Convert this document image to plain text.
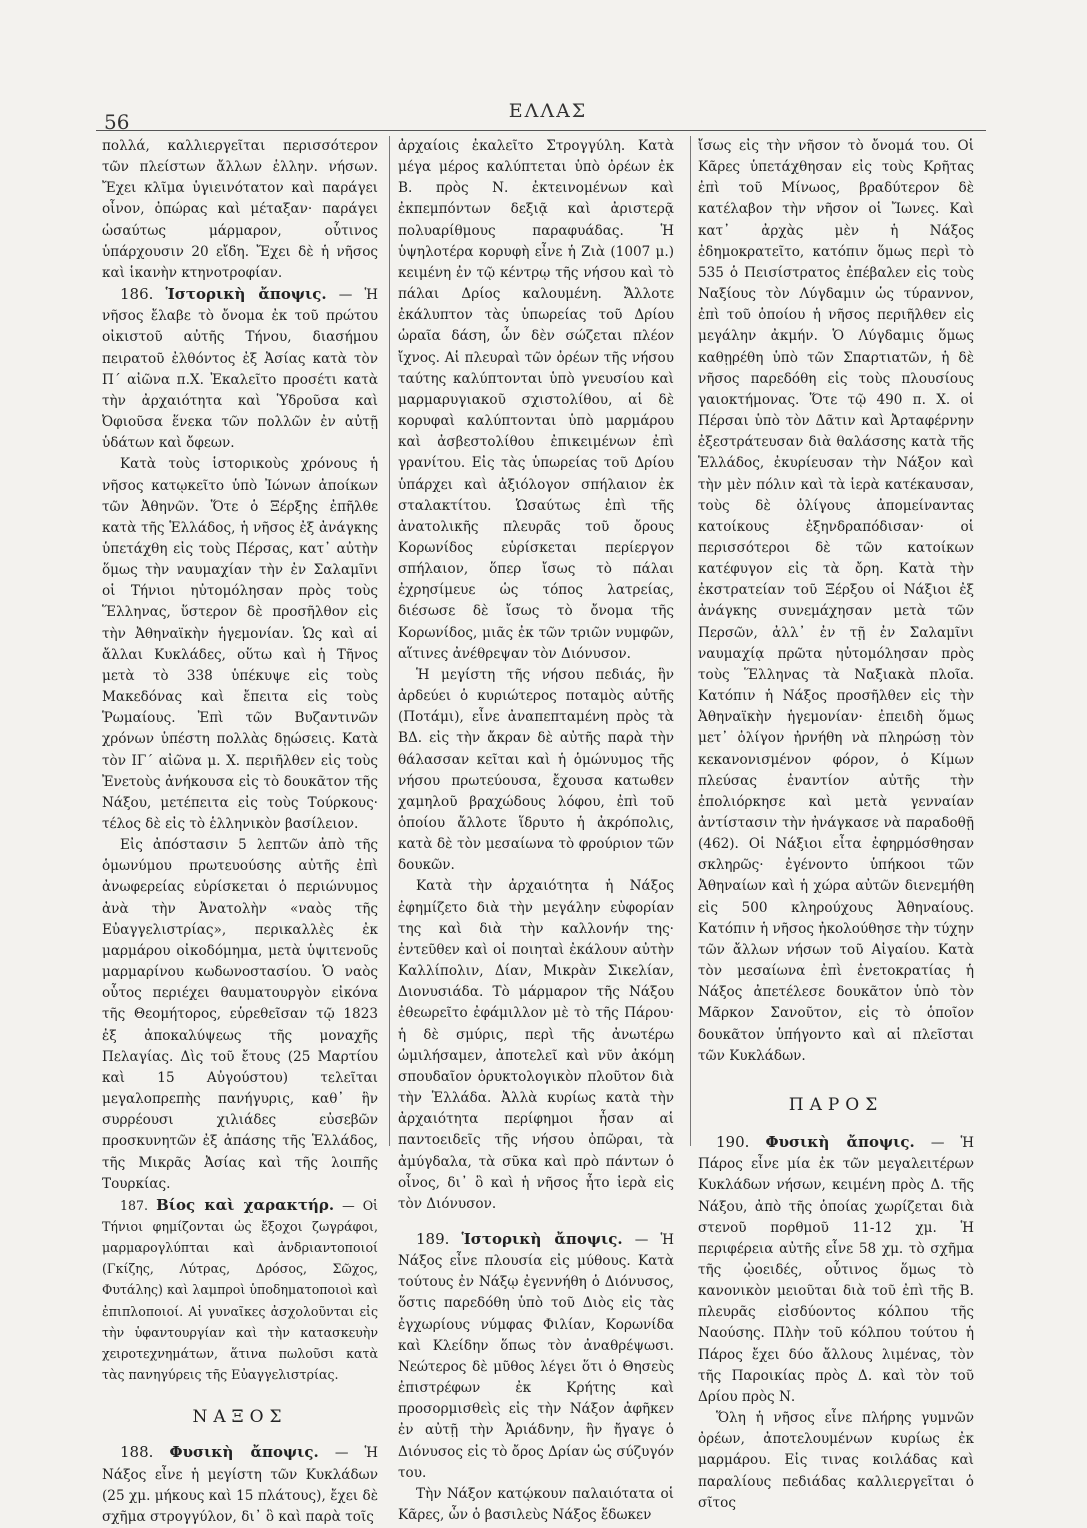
56	ΕΛΛΑΣ

πολλά, καλλιεργεῖται περισσότερον τῶν πλείστων ἄλλων ἑλλην. νήσων. Ἔχει κλῖμα ὑγιεινότατον καὶ παράγει οἶνον, ὀπώρας καὶ μέταξαν· παράγει ὡσαύτως μάρμαρον, οὗτινος ὑπάρχουσιν 20 εἴδη. Ἔχει δὲ ἡ νῆσος καὶ ἱκανὴν κτηνοτροφίαν.

186. Ἱστορικὴ ἄποψις. — Ἡ νῆσος ἔλαβε τὸ ὄνομα ἐκ τοῦ πρώτου οἰκιστοῦ αὐτῆς Τήνου, διασήμου πειρατοῦ ἐλθόντος ἐξ Ἀσίας κατὰ τὸν Π΄ αἰῶνα π.Χ. Ἐκαλεῖτο προσέτι κατὰ τὴν ἀρχαιότητα καὶ Ὑδροῦσα καὶ Ὀφιοῦσα ἕνεκα τῶν πολλῶν ἐν αὐτῇ ὑδάτων καὶ ὄφεων.

Κατὰ τοὺς ἱστορικοὺς χρόνους ἡ νῆσος κατῳκεῖτο ὑπὸ Ἰώνων ἀποίκων τῶν Ἀθηνῶν. Ὅτε ὁ Ξέρξης ἐπῆλθε κατὰ τῆς Ἑλλάδος, ἡ νῆσος ἐξ ἀνάγκης ὑπετάχθη εἰς τοὺς Πέρσας, κατ᾽ αὐτὴν ὅμως τὴν ναυμαχίαν τὴν ἐν Σαλαμῖνι οἱ Τήνιοι ηὐτομόλησαν πρὸς τοὺς Ἕλληνας, ὕστερον δὲ προσῆλθον εἰς τὴν Ἀθηναϊκὴν ἡγεμονίαν. Ὡς καὶ αἱ ἄλλαι Κυκλάδες, οὕτω καὶ ἡ Τῆνος μετὰ τὸ 338 ὑπέκυψε εἰς τοὺς Μακεδόνας καὶ ἔπειτα εἰς τοὺς Ῥωμαίους. Ἐπὶ τῶν Βυζαντινῶν χρόνων ὑπέστη πολλὰς δῃώσεις. Κατὰ τὸν ΙΓ΄ αἰῶνα μ. Χ. περιῆλθεν εἰς τοὺς Ἐνετοὺς ἀνήκουσα εἰς τὸ δουκᾶτον τῆς Νάξου, μετέπειτα εἰς τοὺς Τούρκους· τέλος δὲ εἰς τὸ ἑλληνικὸν βασίλειον.

Εἰς ἀπόστασιν 5 λεπτῶν ἀπὸ τῆς ὁμωνύμου πρωτευούσης αὐτῆς ἐπὶ ἀνωφερείας εὑρίσκεται ὁ περιώνυμος ἀνὰ τὴν Ἀνατολὴν «ναὸς τῆς Εὐαγγελιστρίας», περικαλλὲς ἐκ μαρμάρου οἰκοδόμημα, μετὰ ὑψιτενοῦς μαρμαρίνου κωδωνοστασίου. Ὁ ναὸς οὗτος περιέχει θαυματουργὸν εἰκόνα τῆς Θεομήτορος, εὑρεθεῖσαν τῷ 1823 ἐξ ἀποκαλύψεως τῆς μοναχῆς Πελαγίας. Δὶς τοῦ ἔτους (25 Μαρτίου καὶ 15 Αὐγούστου) τελεῖται μεγαλοπρεπὴς πανήγυρις, καθ᾽ ἣν συρρέουσι χιλιάδες εὐσεβῶν προσκυνητῶν ἐξ ἁπάσης τῆς Ἑλλάδος, τῆς Μικρᾶς Ἀσίας καὶ τῆς λοιπῆς Τουρκίας.

187. Βίος καὶ χαρακτήρ. — Οἱ Τήνιοι φημίζονται ὡς ἔξοχοι ζωγράφοι, μαρμαρογλύπται καὶ ἀνδριαντοποιοί (Γκίζης, Λύτρας, Δρόσος, Σῶχος, Φυτάλης) καὶ λαμπροὶ ὑποδηματοποιοὶ καὶ ἐπιπλοποιοί. Αἱ γυναῖκες ἀσχολοῦνται εἰς τὴν ὑφαντουργίαν καὶ τὴν κατασκευὴν χειροτεχνημάτων, ἅτινα πωλοῦσι κατὰ τὰς πανηγύρεις τῆς Εὐαγγελιστρίας.

ΝΑΞΟΣ

188. Φυσικὴ ἄποψις. — Ἡ Νάξος εἶνε ἡ μεγίστη τῶν Κυκλάδων (25 χμ. μήκους καὶ 15 πλάτους), ἔχει δὲ σχῆμα στρογγύλον, δι᾽ ὃ καὶ παρὰ τοῖς

ἀρχαίοις ἐκαλεῖτο Στρογγύλη. Κατὰ μέγα μέρος καλύπτεται ὑπὸ ὀρέων ἐκ Β. πρὸς Ν. ἐκτεινομένων καὶ ἐκπεμπόντων δεξιᾷ καὶ ἀριστερᾷ πολυαρίθμους παραφυάδας. Ἡ ὑψηλοτέρα κορυφὴ εἶνε ἡ Ζιὰ (1007 μ.) κειμένη ἐν τῷ κέντρῳ τῆς νήσου καὶ τὸ πάλαι Δρίος καλουμένη. Ἄλλοτε ἐκάλυπτον τὰς ὑπωρείας τοῦ Δρίου ὡραῖα δάση, ὧν δὲν σώζεται πλέον ἴχνος. Αἱ πλευραὶ τῶν ὀρέων τῆς νήσου ταύτης καλύπτονται ὑπὸ γνευσίου καὶ μαρμαρυγιακοῦ σχιστολίθου, αἱ δὲ κορυφαὶ καλύπτονται ὑπὸ μαρμάρου καὶ ἀσβεστολίθου ἐπικειμένων ἐπὶ γρανίτου. Εἰς τὰς ὑπωρείας τοῦ Δρίου ὑπάρχει καὶ ἀξιόλογον σπήλαιον ἐκ σταλακτίτου. Ὡσαύτως ἐπὶ τῆς ἀνατολικῆς πλευρᾶς τοῦ ὄρους Κορωνίδος εὑρίσκεται περίεργον σπήλαιον, ὅπερ ἴσως τὸ πάλαι ἐχρησίμευε ὡς τόπος λατρείας, διέσωσε δὲ ἴσως τὸ ὄνομα τῆς Κορωνίδος, μιᾶς ἐκ τῶν τριῶν νυμφῶν, αἵτινες ἀνέθρεψαν τὸν Διόνυσον.

Ἡ μεγίστη τῆς νήσου πεδιάς, ἣν ἀρδεύει ὁ κυριώτερος ποταμὸς αὐτῆς (Ποτάμι), εἶνε ἀναπεπταμένη πρὸς τὰ ΒΔ. εἰς τὴν ἄκραν δὲ αὐτῆς παρὰ τὴν θάλασσαν κεῖται καὶ ἡ ὁμώνυμος τῆς νήσου πρωτεύουσα, ἔχουσα κατωθεν χαμηλοῦ βραχώδους λόφου, ἐπὶ τοῦ ὁποίου ἄλλοτε ἵδρυτο ἡ ἀκρόπολις, κατὰ δὲ τὸν μεσαίωνα τὸ φρούριον τῶν δουκῶν.

Κατὰ τὴν ἀρχαιότητα ἡ Νάξος ἐφημίζετο διὰ τὴν μεγάλην εὐφορίαν της καὶ διὰ τὴν καλλονήν της· ἐντεῦθεν καὶ οἱ ποιηταὶ ἐκάλουν αὐτὴν Καλλίπολιν, Δίαν, Μικρὰν Σικελίαν, Διονυσιάδα. Τὸ μάρμαρον τῆς Νάξου ἐθεωρεῖτο ἐφάμιλλον μὲ τὸ τῆς Πάρου· ἡ δὲ σμύρις, περὶ τῆς ἀνωτέρω ὡμιλήσαμεν, ἀποτελεῖ καὶ νῦν ἀκόμη σπουδαῖον ὀρυκτολογικὸν πλοῦτον διὰ τὴν Ἑλλάδα. Ἀλλὰ κυρίως κατὰ τὴν ἀρχαιότητα περίφημοι ἦσαν αἱ παντοειδεῖς τῆς νήσου ὀπῶραι, τὰ ἀμύγδαλα, τὰ σῦκα καὶ πρὸ πάντων ὁ οἶνος, δι᾽ ὃ καὶ ἡ νῆσος ἦτο ἱερὰ εἰς τὸν Διόνυσον.

189. Ἱστορικὴ ἄποψις. — Ἡ Νάξος εἶνε πλουσία εἰς μύθους. Κατὰ τούτους ἐν Νάξῳ ἐγεννήθη ὁ Διόνυσος, ὅστις παρεδόθη ὑπὸ τοῦ Διὸς εἰς τὰς ἐγχωρίους νύμφας Φιλίαν, Κορωνίδα καὶ Κλείδην ὅπως τὸν ἀναθρέψωσι. Νεώτερος δὲ μῦθος λέγει ὅτι ὁ Θησεὺς ἐπιστρέφων ἐκ Κρήτης καὶ προσορμισθεὶς εἰς τὴν Νάξον ἀφῆκεν ἐν αὐτῇ τὴν Ἀριάδνην, ἣν ἤγαγε ὁ Διόνυσος εἰς τὸ ὄρος Δρίαν ὡς σύζυγόν του.

Τὴν Νάξον κατῴκουν παλαιότατα οἱ Κᾶρες, ὧν ὁ βασιλεὺς Νάξος ἔδωκεν

ἴσως εἰς τὴν νῆσον τὸ ὄνομά του. Οἱ Κᾶρες ὑπετάχθησαν εἰς τοὺς Κρῆτας ἐπὶ τοῦ Μίνωος, βραδύτερον δὲ κατέλαβον τὴν νῆσον οἱ Ἴωνες. Καὶ κατ᾽ ἀρχὰς μὲν ἡ Νάξος ἐδημοκρατεῖτο, κατόπιν ὅμως περὶ τὸ 535 ὁ Πεισίστρατος ἐπέβαλεν εἰς τοὺς Ναξίους τὸν Λύγδαμιν ὡς τύραννον, ἐπὶ τοῦ ὁποίου ἡ νῆσος περιῆλθεν εἰς μεγάλην ἀκμήν. Ὁ Λύγδαμις ὅμως καθῃρέθη ὑπὸ τῶν Σπαρτιατῶν, ἡ δὲ νῆσος παρεδόθη εἰς τοὺς πλουσίους γαιοκτήμονας. Ὅτε τῷ 490 π. Χ. οἱ Πέρσαι ὑπὸ τὸν Δᾶτιν καὶ Ἀρταφέρνην ἐξεστράτευσαν διὰ θαλάσσης κατὰ τῆς Ἑλλάδος, ἐκυρίευσαν τὴν Νάξον καὶ τὴν μὲν πόλιν καὶ τὰ ἱερὰ κατέκαυσαν, τοὺς δὲ ὀλίγους ἀπομείναντας κατοίκους ἐξηνδραπόδισαν· οἱ περισσότεροι δὲ τῶν κατοίκων κατέφυγον εἰς τὰ ὄρη. Κατὰ τὴν ἐκστρατείαν τοῦ Ξέρξου οἱ Νάξιοι ἐξ ἀνάγκης συνεμάχησαν μετὰ τῶν Περσῶν, ἀλλ᾽ ἐν τῇ ἐν Σαλαμῖνι ναυμαχίᾳ πρῶτα ηὐτομόλησαν πρὸς τοὺς Ἕλληνας τὰ Ναξιακὰ πλοῖα. Κατόπιν ἡ Νάξος προσῆλθεν εἰς τὴν Ἀθηναϊκὴν ἡγεμονίαν· ἐπειδὴ ὅμως μετ᾽ ὀλίγον ἠρνήθη νὰ πληρώσῃ τὸν κεκανονισμένον φόρον, ὁ Κίμων πλεύσας ἐναντίον αὐτῆς τὴν ἐπολιόρκησε καὶ μετὰ γενναίαν ἀντίστασιν τὴν ἠνάγκασε νὰ παραδοθῇ (462). Οἱ Νάξιοι εἶτα ἐφηρμόσθησαν σκληρῶς· ἐγένοντο ὑπήκοοι τῶν Ἀθηναίων καὶ ἡ χώρα αὐτῶν διενεμήθη εἰς 500 κληρούχους Ἀθηναίους. Κατόπιν ἡ νῆσος ἠκολούθησε τὴν τύχην τῶν ἄλλων νήσων τοῦ Αἰγαίου. Κατὰ τὸν μεσαίωνα ἐπὶ ἐνετοκρατίας ἡ Νάξος ἀπετέλεσε δουκᾶτον ὑπὸ τὸν Μᾶρκον Σανοῦτον, εἰς τὸ ὁποῖον δουκᾶτον ὑπήγοντο καὶ αἱ πλεῖσται τῶν Κυκλάδων.

ΠΑΡΟΣ

190. Φυσικὴ ἄποψις. — Ἡ Πάρος εἶνε μία ἐκ τῶν μεγαλειτέρων Κυκλάδων νήσων, κειμένη πρὸς Δ. τῆς Νάξου, ἀπὸ τῆς ὁποίας χωρίζεται διὰ στενοῦ πορθμοῦ 11-12 χμ. Ἡ περιφέρεια αὐτῆς εἶνε 58 χμ. τὸ σχῆμα τῆς ᾠοειδές, οὗτινος ὅμως τὸ κανονικὸν μειοῦται διὰ τοῦ ἐπὶ τῆς Β. πλευρᾶς εἰσδύοντος κόλπου τῆς Ναούσης. Πλὴν τοῦ κόλπου τούτου ἡ Πάρος ἔχει δύο ἄλλους λιμένας, τὸν τῆς Παροικίας πρὸς Δ. καὶ τὸν τοῦ Δρίου πρὸς Ν.

Ὅλη ἡ νῆσος εἶνε πλήρης γυμνῶν ὀρέων, ἀποτελουμένων κυρίως ἐκ μαρμάρου. Εἰς τινας κοιλάδας καὶ παραλίους πεδιάδας καλλιεργεῖται ὁ σῖτος
